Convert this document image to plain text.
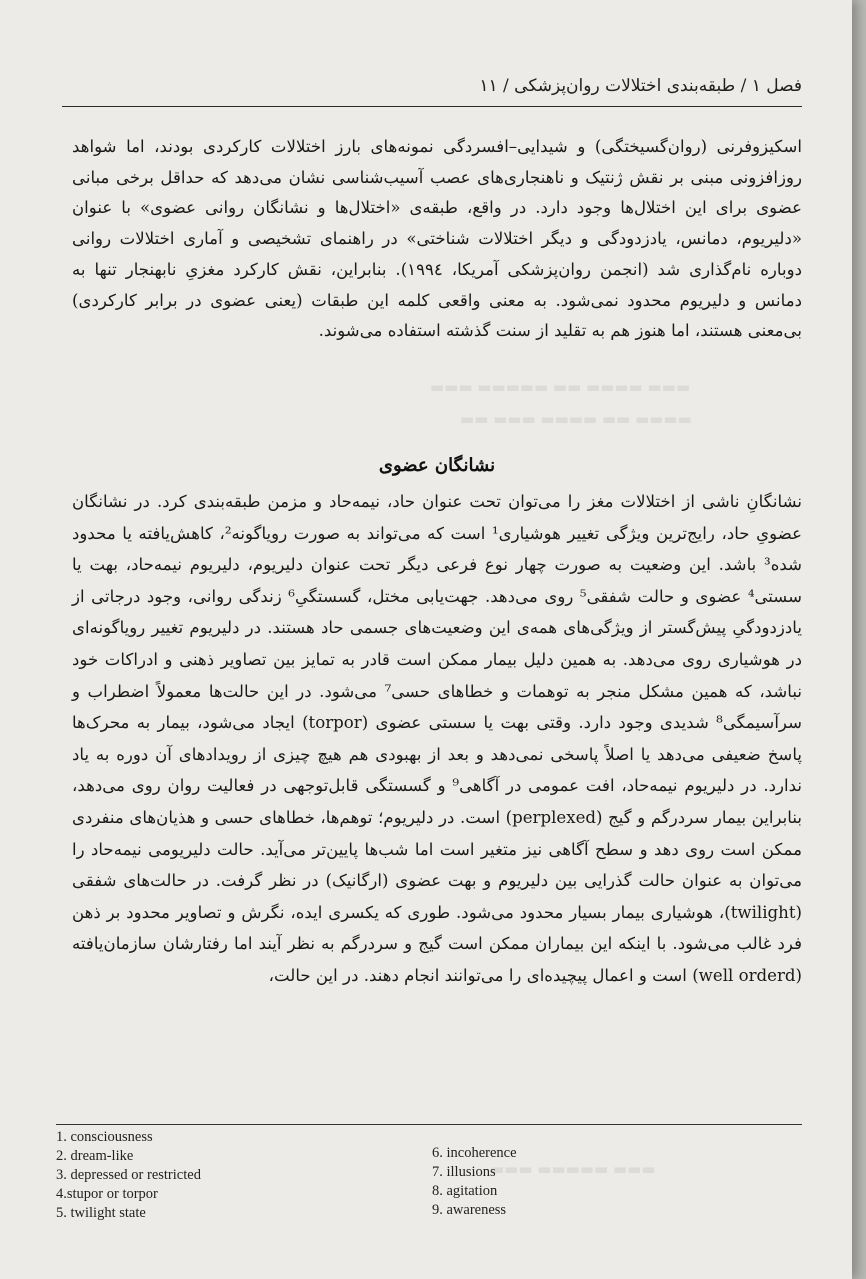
▬▬▬ ▬▬▬▬ ▬▬ ▬▬▬▬▬ ▬▬▬
▬▬▬▬ ▬▬ ▬▬▬▬ ▬▬▬ ▬▬
▬▬▬ ▬▬▬▬▬ ▬▬▬
فصل ۱ / طبقه‌بندی اختلالات روان‌پزشکی / ۱۱

اسکیزوفرنی (روان‌گسیختگی) و شیدایی–افسردگی نمونه‌های بارز اختلالات کارکردی بودند، اما شواهد روزافزونی مبنی بر نقش ژنتیک و ناهنجاری‌های عصب آسیب‌شناسی نشان می‌دهد که حداقل برخی مبانی عضوی برای این اختلال‌ها وجود دارد. در واقع، طبقه‌ی «اختلال‌ها و نشانگان روانی عضوی» با عنوان «دلیریوم، دمانس، یادزدودگی و دیگر اختلالات شناختی» در راهنمای تشخیصی و آماری اختلالات روانی دوباره نام‌گذاری شد (انجمن روان‌پزشکی آمریکا، ۱۹۹٤). بنابراین، نقش کارکرد مغزیِ نابهنجار تنها به دمانس و دلیریوم محدود نمی‌شود. به معنی واقعی کلمه این طبقات (یعنی عضوی در برابر کارکردی) بی‌معنی هستند، اما هنوز هم به تقلید از سنت گذشته استفاده می‌شوند.

نشانگان عضوی

نشانگانِ ناشی از اختلالات مغز را می‌توان تحت عنوان حاد، نیمه‌حاد و مزمن طبقه‌بندی کرد. در نشانگان عضویِ حاد، رایج‌ترین ویژگی تغییر هوشیاری¹ است که می‌تواند به صورت رویاگونه²، کاهش‌یافته یا محدود شده³ باشد. این وضعیت به صورت چهار نوع فرعی دیگر تحت عنوان دلیریوم، دلیریوم نیمه‌حاد، بهت یا سستی⁴ عضوی و حالت شفقی⁵ روی می‌دهد. جهت‌یابی مختل، گسستگیِ⁶ زندگی روانی، وجود درجاتی از یادزدودگیِ پیش‌گستر از ویژگی‌های همه‌ی این وضعیت‌های جسمی حاد هستند. در دلیریوم تغییر رویاگونه‌ای در هوشیاری روی می‌دهد. به همین دلیل بیمار ممکن است قادر به تمایز بین تصاویر ذهنی و ادراکات خود نباشد، که همین مشکل منجر به توهمات و خطاهای حسی⁷ می‌شود. در این حالت‌ها معمولاً اضطراب و سرآسیمگی⁸ شدیدی وجود دارد. وقتی بهت یا سستی عضوی (torpor) ایجاد می‌شود، بیمار به محرک‌ها پاسخ ضعیفی می‌دهد یا اصلاً پاسخی نمی‌دهد و بعد از بهبودی هم هیچ چیزی از رویدادهای آن دوره به یاد ندارد. در دلیریوم نیمه‌حاد، افت عمومی در آگاهی⁹ و گسستگی قابل‌توجهی در فعالیت روان روی می‌دهد، بنابراین بیمار سردرگم و گیج (perplexed) است. در دلیریوم؛ توهم‌ها، خطاهای حسی و هذیان‌های منفردی ممکن است روی دهد و سطح آگاهی نیز متغیر است اما شب‌ها پایین‌تر می‌آید. حالت دلیریومی نیمه‌حاد را می‌توان به عنوان حالت گذرایی بین دلیریوم و بهت عضوی (ارگانیک) در نظر گرفت. در حالت‌های شفقی (twilight)، هوشیاری بیمار بسیار محدود می‌شود. طوری که یکسری ایده، نگرش و تصاویر محدود بر ذهن فرد غالب می‌شود. با اینکه این بیماران ممکن است گیج و سردرگم به نظر آیند اما رفتارشان سازمان‌یافته (well orderd) است و اعمال پیچیده‌ای را می‌توانند انجام دهند. در این حالت،

1. consciousness
2. dream-like
3. depressed or restricted
4.stupor or torpor
5. twilight state
6. incoherence
7. illusions
8. agitation
9. awareness
